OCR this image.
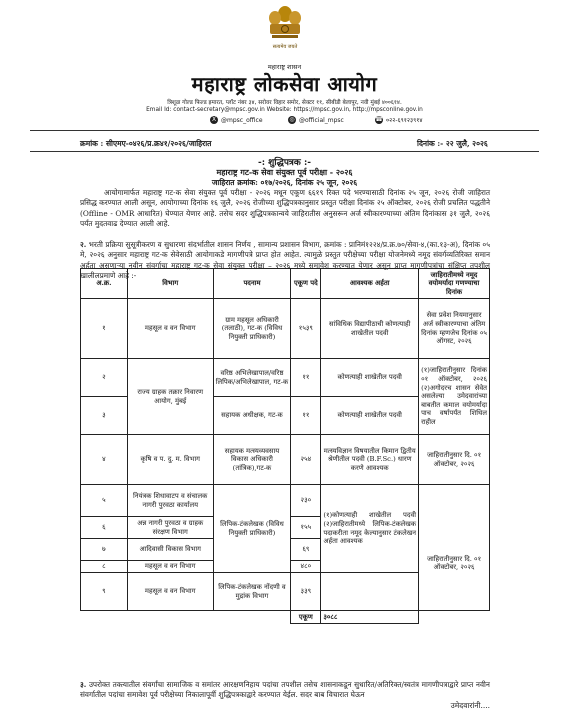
सत्यमेव जयते
महाराष्ट्र शासन
महाराष्ट्र लोकसेवा आयोग
त्रिशूळ गोल्ड फिल्ड इमारत, प्लॉट नंबर ३४, सरोवर विहार समोर, सेक्टर ११, सीबीडी बेलापूर, नवी मुंबई ४००६१४.
Email Id: contact-secretary@mpsc.gov.in Website: https://mpsc.gov.in, http://mpsconline.gov.in
X @mpsc_office	◎ @official_mpsc	☎ ०२२-६९१२३९१४
क्रमांक : सीएमए-०४२६/प्र.क्र४१/२०२६/जाहिरात	दिनांक :- २२ जुलै, २०२६
-: शुद्धिपत्रक :-
महाराष्ट्र गट-क सेवा संयुक्त पूर्व परीक्षा - २०२६
जाहिरात क्रमांक: ०१७/२०२६, दिनांक २५ जून, २०२६

आयोगामार्फत महाराष्ट्र गट-क सेवा संयुक्त पूर्व परीक्षा - २०२६ मधून एकूण ६६१९ रिक्त पदे भरण्यासाठी दिनांक २५ जून, २०२६ रोजी जाहिरात प्रसिद्ध करण्यात आली असून, आयोगाच्या दिनांक १६ जुलै, २०२६ रोजीच्या शुद्धिपत्रकानुसार प्रस्तुत परीक्षा दिनांक २५ ऑक्टोबर, २०२६ रोजी प्रचलित पद्धतीने (Offline - OMR आधारित) घेण्यात येणार आहे. तसेच सदर शुद्धिपत्रकान्वये जाहिरातीस अनुसरून अर्ज स्वीकारण्याच्या अंतिम दिनांकास ३१ जुलै, २०२६ पर्यंत मुदतवाढ देण्यात आली आहे.

२. भरती प्रक्रिया सुसूत्रीकरण व सुधारणा संदर्भातील शासन निर्णय , सामान्य प्रशासन विभाग, क्रमांक : प्रानिमं१२२४/प्र.क्र.७०/सेवा-४,(का.१३-अ), दिनांक ०५ मे, २०२६ अनुसार महाराष्ट्र गट-क सेवेसाठी आयोगाकडे मागणीपत्रे प्राप्त होत आहेत. त्यामुळे प्रस्तुत परीक्षेच्या परीक्षा योजनेमध्ये नमूद संवर्गव्यतिरिक्त समान अर्हता असणाऱ्या नवीन संवर्गाचा महाराष्ट्र गट-क सेवा संयुक्त परीक्षा – २०२६ मध्ये समावेश करण्यात येणार असून प्राप्त मागणीपत्रांचा संक्षिप्त तपशील खालीलप्रमाणे आहे :-

अ.क्र.	विभाग	पदनाम	एकूण पदे	आवश्यक अर्हता	जाहिरातीमध्ये नमूद वयोमर्यादा गणण्याचा दिनांक
१	महसूल व वन विभाग	ग्राम महसूल अधिकारी (तलाठी), गट-क (विविध नियुक्ती प्राधिकारी)	१५३९	सांविधिक विद्यापीठाची कोणत्याही शाखेतील पदवी	सेवा प्रवेश नियमानुसार अर्ज स्वीकारण्याचा अंतिम दिनांक म्हणजेच दिनांक ०५ ऑगस्ट, २०२६
२	राज्य ग्राहक तक्रार निवारण आयोग, मुंबई	वरिष्ठ अभिलेखापाल/वरिष्ठ लिपिक/अभिलेखापाल, गट-क	११	कोणत्याही शाखेतील पदवी	(१)जाहिरातीनुसार दिनांक ०१ ऑक्टोबर, २०२६ (२)अगोदरच शासन सेवेत असलेल्या उमेदवारांच्या बाबतीत कमाल वयोमर्यादा पाच वर्षापर्यंत शिथिल राहील
३		सहायक अधीक्षक, गट-क	११	कोणत्याही शाखेतील पदवी	
४	कृषि व प. दु. म. विभाग	सहायक मत्स्यव्यवसाय विकास अधिकारी (तांत्रिक),गट-क	२५४	मत्स्यविज्ञान विषयातील किमान द्वितीय श्रेणीतील पदवी (B.F.Sc.) धारण करणे आवश्यक	जाहिरातीनुसार दि. ०१ ऑक्टोबर, २०२६
५	नियंत्रक शिधावाटप व संचालक नागरी पुरवठा कार्यालय	लिपिक-टंकलेखक (विविध नियुक्ती प्राधिकारी)	२३०	(१)कोणत्याही शाखेतील पदवी (२)जाहिरातीमध्ये लिपिक-टंकलेखक पदाकरीता नमूद केल्यानुसार टंकलेखन अर्हता आवश्यक	
६	अन्न नागरी पुरवठा व ग्राहक संरक्षण विभाग		१५५		जाहिरातीनुसार दि. ०१ ऑक्टोबर, २०२६
७	आदिवासी विकास विभाग		६९		
८	महसूल व वन विभाग		४८०		
९	महसूल व वन विभाग	लिपिक-टंकलेखक नोंदणी व मुद्रांक विभाग	३३९		
			एकूण	३०८८	

३. उपरोक्त तक्त्यातील संवर्गांचा सामाजिक व समांतर आरक्षणनिहाय पदांचा तपशील तसेच शासनाकडून सुधारित/अतिरिक्त/स्वतंत्र मागणीपत्राद्वारे प्राप्त नवीन संवर्गातील पदांचा समावेश पूर्व परीक्षेच्या निकालापूर्वी शुद्धिपत्रकाद्वारे करण्यात येईल. सदर बाब विचारात घेऊन

उमेदवारांनी....
